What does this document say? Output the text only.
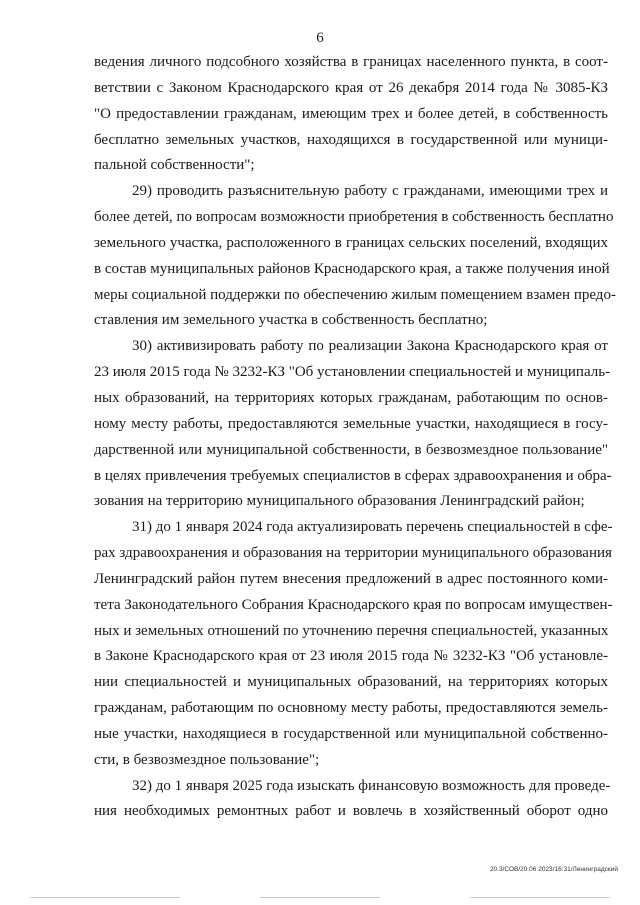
6
ведения личного подсобного хозяйства в границах населенного пункта, в соот-
ветствии с Законом Краснодарского края от 26 декабря 2014 года № 3085-КЗ
"О предоставлении гражданам, имеющим трех и более детей, в собственность
бесплатно земельных участков, находящихся в государственной или муници-
пальной собственности";
29) проводить разъяснительную работу с гражданами, имеющими трех и
более детей, по вопросам возможности приобретения в собственность бесплатно
земельного участка, расположенного в границах сельских поселений, входящих
в состав муниципальных районов Краснодарского края, а также получения иной
меры социальной поддержки по обеспечению жилым помещением взамен предо-
ставления им земельного участка в собственность бесплатно;
30) активизировать работу по реализации Закона Краснодарского края от
23 июля 2015 года № 3232-КЗ "Об установлении специальностей и муниципаль-
ных образований, на территориях которых гражданам, работающим по основ-
ному месту работы, предоставляются земельные участки, находящиеся в госу-
дарственной или муниципальной собственности, в безвозмездное пользование"
в целях привлечения требуемых специалистов в сферах здравоохранения и обра-
зования на территорию муниципального образования Ленинградский район;
31) до 1 января 2024 года актуализировать перечень специальностей в сфе-
рах здравоохранения и образования на территории муниципального образования
Ленинградский район путем внесения предложений в адрес постоянного коми-
тета Законодательного Собрания Краснодарского края по вопросам имуществен-
ных и земельных отношений по уточнению перечня специальностей, указанных
в Законе Краснодарского края от 23 июля 2015 года № 3232-КЗ "Об установле-
нии специальностей и муниципальных образований, на территориях которых
гражданам, работающим по основному месту работы, предоставляются земель-
ные участки, находящиеся в государственной или муниципальной собственно-
сти, в безвозмездное пользование";
32) до 1 января 2025 года изыскать финансовую возможность для проведе-
ния необходимых ремонтных работ и вовлечь в хозяйственный оборот одно
20.3/СОВ/20.06 2023/16:31/Ленинградский
